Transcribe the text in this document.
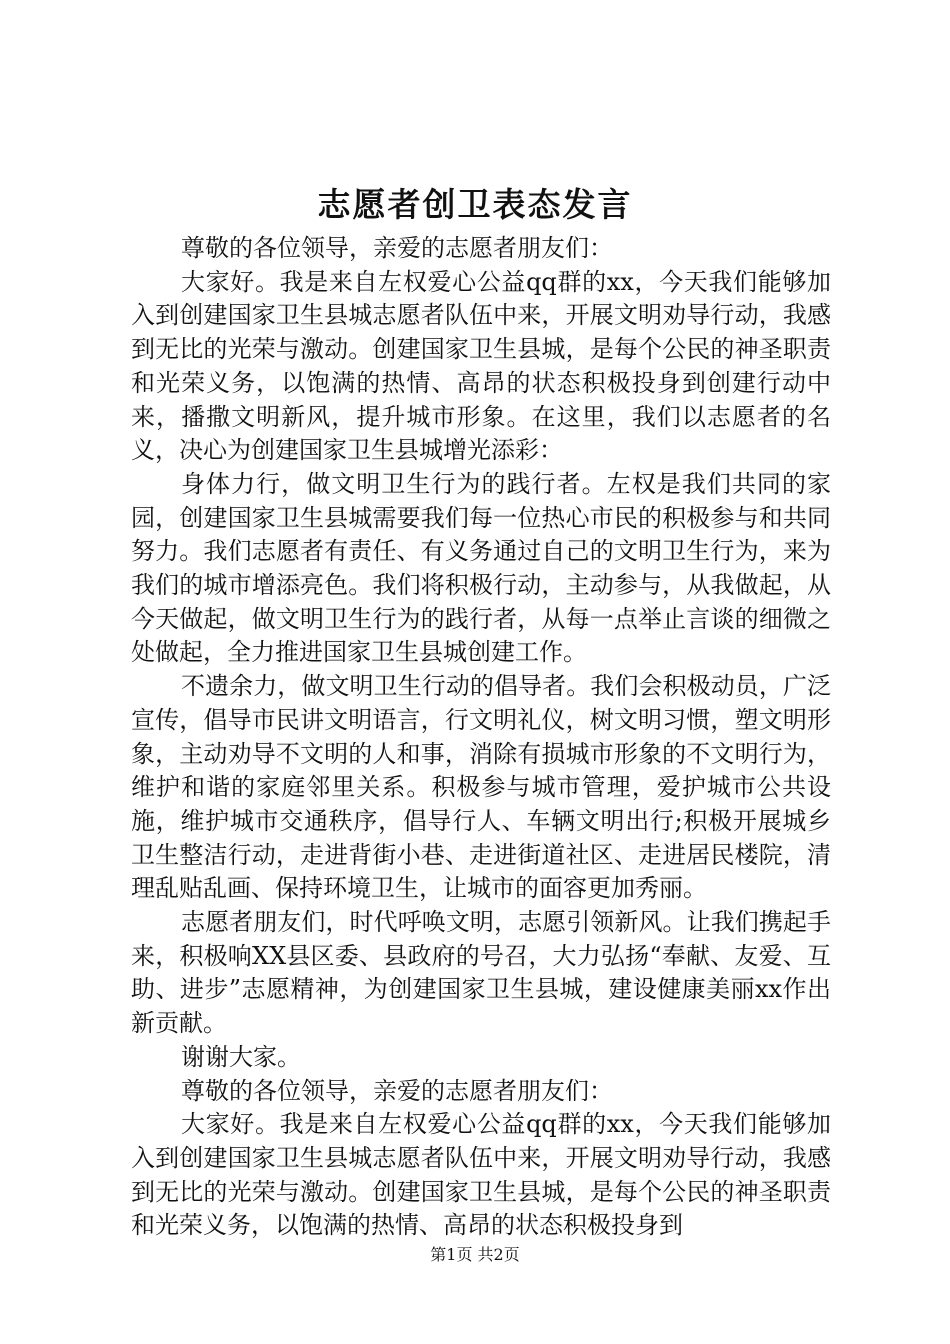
志愿者创卫表态发言

尊敬的各位领导，亲爱的志愿者朋友们：

大家好。我是来自左权爱心公益qq群的xx，今天我们能够加入到创建国家卫生县城志愿者队伍中来，开展文明劝导行动，我感到无比的光荣与激动。创建国家卫生县城，是每个公民的神圣职责和光荣义务，以饱满的热情、高昂的状态积极投身到创建行动中来，播撒文明新风，提升城市形象。在这里，我们以志愿者的名义，决心为创建国家卫生县城增光添彩：

身体力行，做文明卫生行为的践行者。左权是我们共同的家园，创建国家卫生县城需要我们每一位热心市民的积极参与和共同努力。我们志愿者有责任、有义务通过自己的文明卫生行为，来为我们的城市增添亮色。我们将积极行动，主动参与，从我做起，从今天做起，做文明卫生行为的践行者，从每一点举止言谈的细微之处做起，全力推进国家卫生县城创建工作。

不遗余力，做文明卫生行动的倡导者。我们会积极动员，广泛宣传，倡导市民讲文明语言，行文明礼仪，树文明习惯，塑文明形象，主动劝导不文明的人和事，消除有损城市形象的不文明行为，维护和谐的家庭邻里关系。积极参与城市管理，爱护城市公共设施，维护城市交通秩序，倡导行人、车辆文明出行;积极开展城乡卫生整洁行动，走进背街小巷、走进街道社区、走进居民楼院，清理乱贴乱画、保持环境卫生，让城市的面容更加秀丽。

志愿者朋友们，时代呼唤文明，志愿引领新风。让我们携起手来，积极响XX县区委、县政府的号召，大力弘扬“奉献、友爱、互助、进步”志愿精神，为创建国家卫生县城，建设健康美丽xx作出新贡献。

谢谢大家。

尊敬的各位领导，亲爱的志愿者朋友们：

大家好。我是来自左权爱心公益qq群的xx，今天我们能够加入到创建国家卫生县城志愿者队伍中来，开展文明劝导行动，我感到无比的光荣与激动。创建国家卫生县城，是每个公民的神圣职责和光荣义务，以饱满的热情、高昂的状态积极投身到

第1页 共2页
